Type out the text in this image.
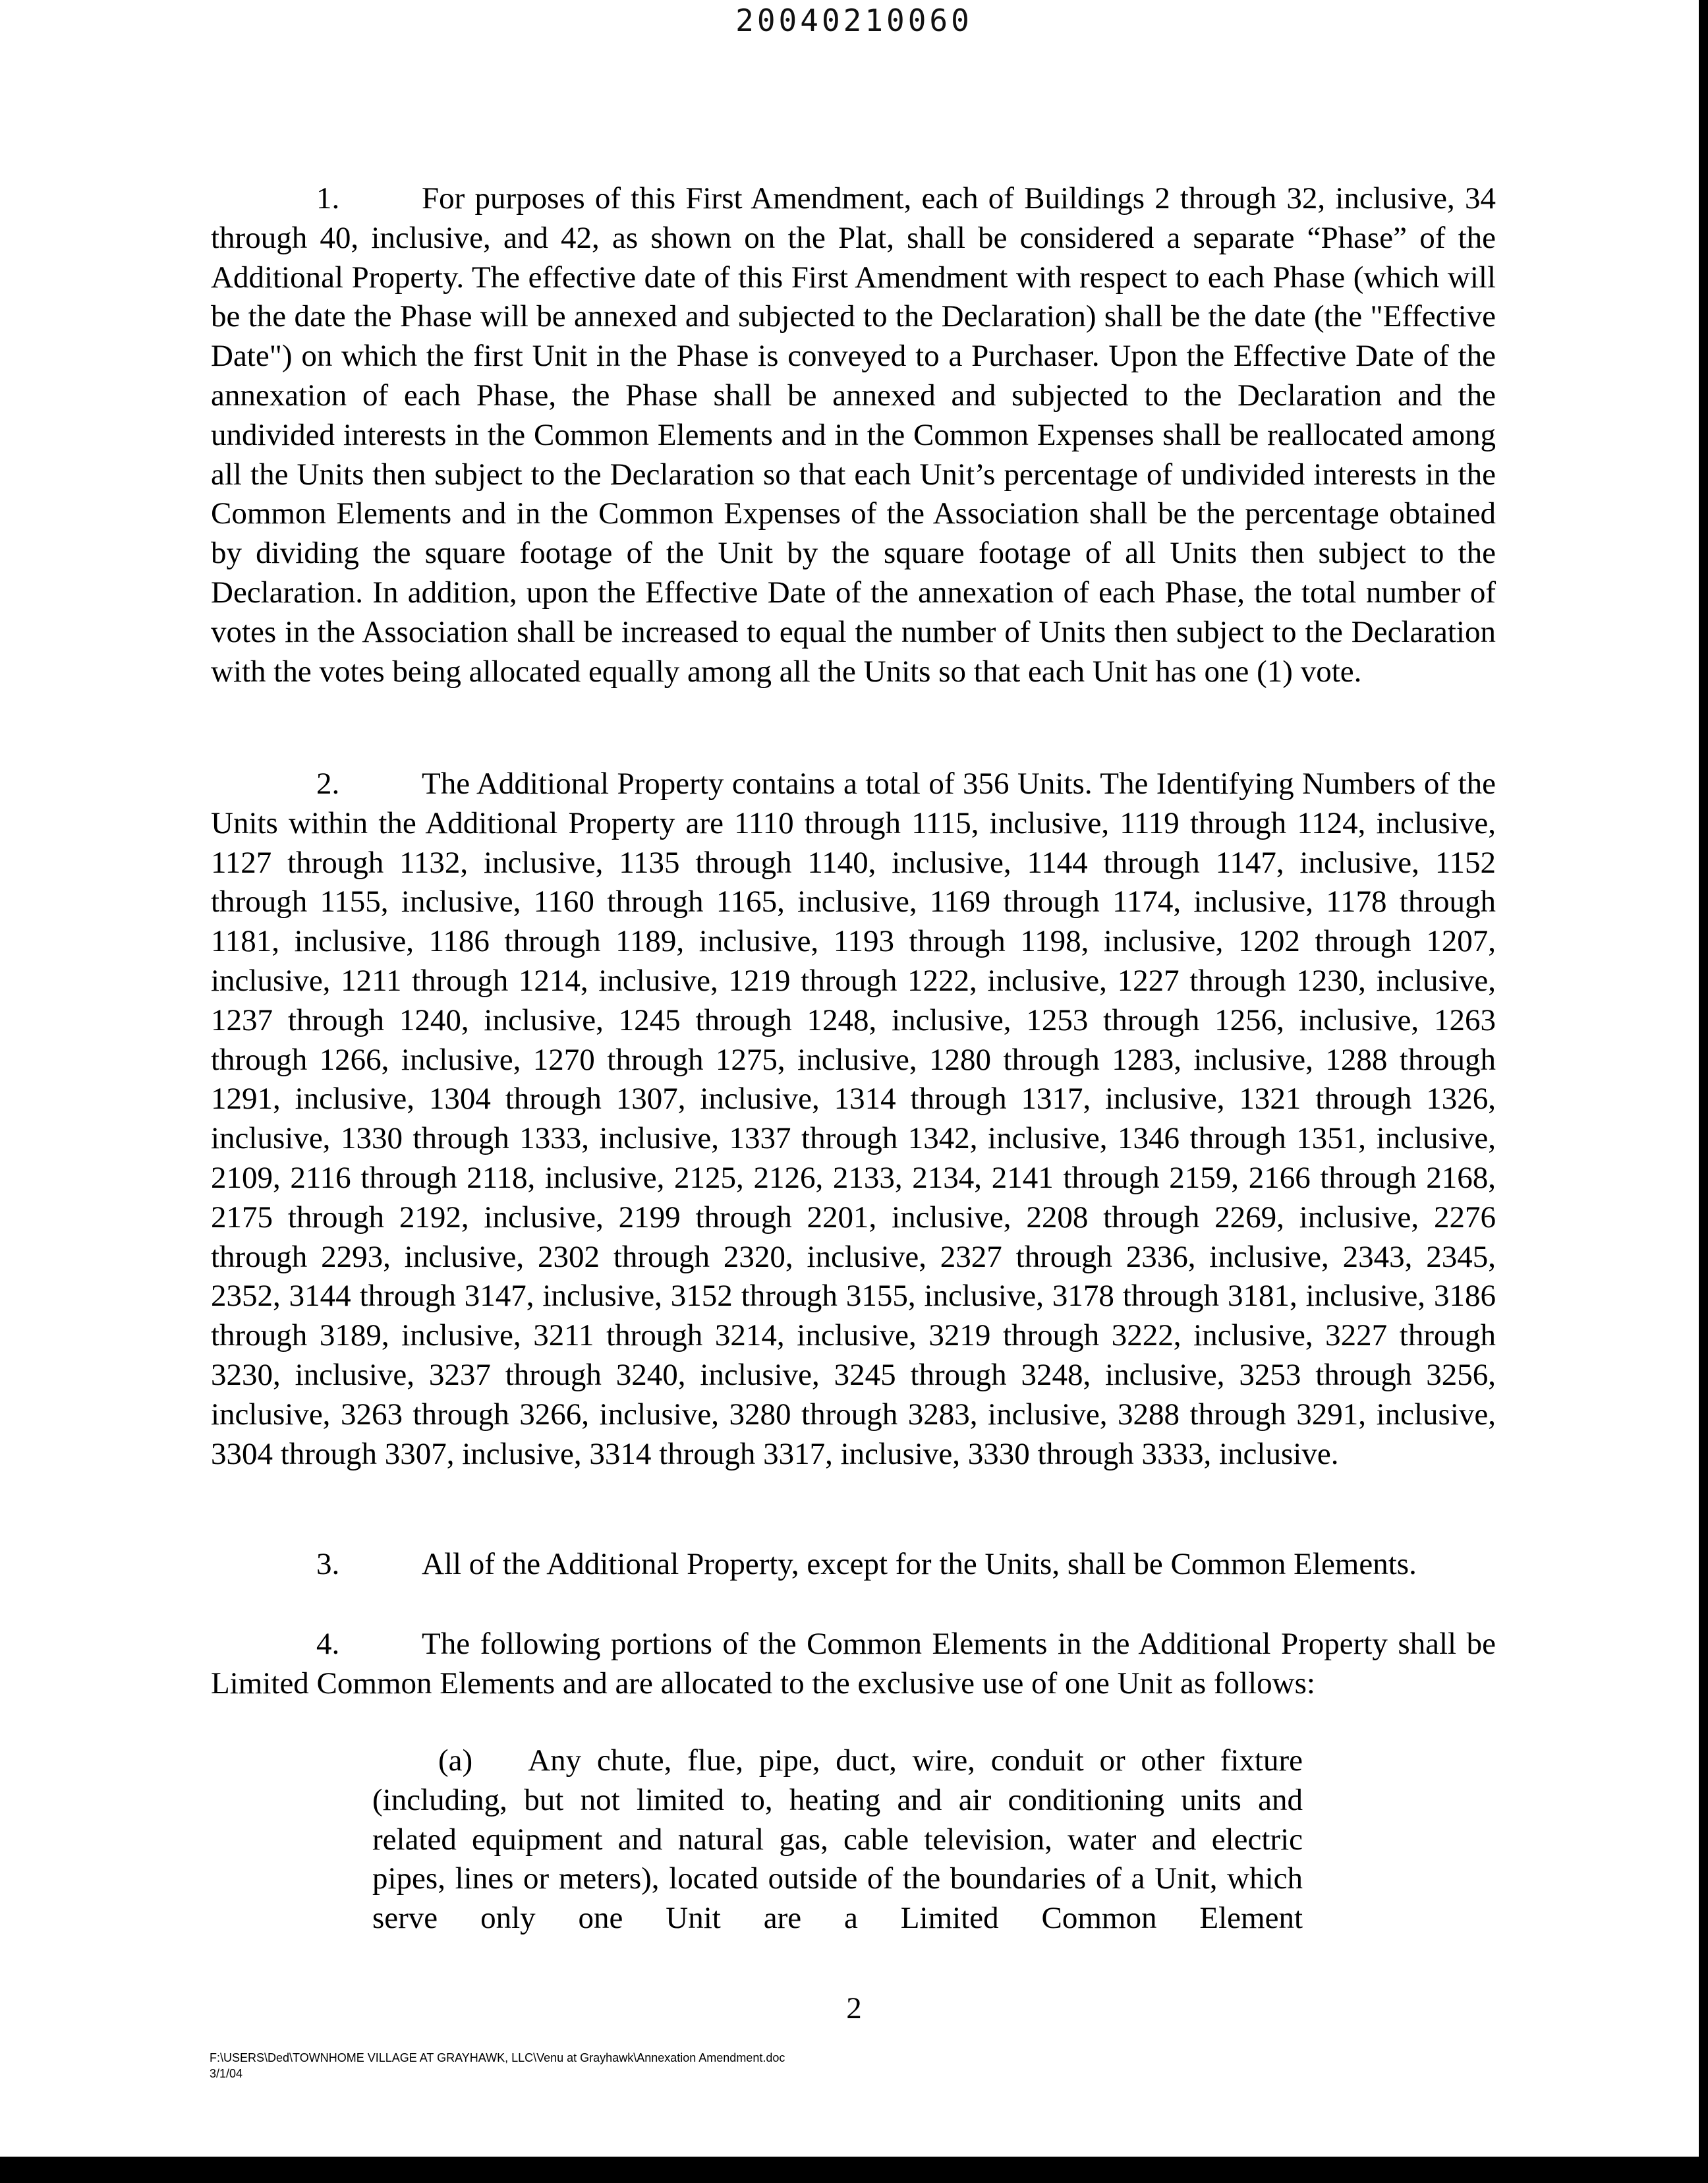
20040210060
1.	For purposes of this First Amendment, each of Buildings 2 through 32, inclusive, 34 through 40, inclusive, and 42, as shown on the Plat, shall be considered a separate “Phase” of the Additional Property. The effective date of this First Amendment with respect to each Phase (which will be the date the Phase will be annexed and subjected to the Declaration) shall be the date (the "Effective Date") on which the first Unit in the Phase is conveyed to a Purchaser. Upon the Effective Date of the annexation of each Phase, the Phase shall be annexed and subjected to the Declaration and the undivided interests in the Common Elements and in the Common Expenses shall be reallocated among all the Units then subject to the Declaration so that each Unit’s percentage of undivided interests in the Common Elements and in the Common Expenses of the Association shall be the percentage obtained by dividing the square footage of the Unit by the square footage of all Units then subject to the Declaration. In addition, upon the Effective Date of the annexation of each Phase, the total number of votes in the Association shall be increased to equal the number of Units then subject to the Declaration with the votes being allocated equally among all the Units so that each Unit has one (1) vote.
2.	The Additional Property contains a total of 356 Units. The Identifying Numbers of the Units within the Additional Property are 1110 through 1115, inclusive, 1119 through 1124, inclusive, 1127 through 1132, inclusive, 1135 through 1140, inclusive, 1144 through 1147, inclusive, 1152 through 1155, inclusive, 1160 through 1165, inclusive, 1169 through 1174, inclusive, 1178 through 1181, inclusive, 1186 through 1189, inclusive, 1193 through 1198, inclusive, 1202 through 1207, inclusive, 1211 through 1214, inclusive, 1219 through 1222, inclusive, 1227 through 1230, inclusive, 1237 through 1240, inclusive, 1245 through 1248, inclusive, 1253 through 1256, inclusive, 1263 through 1266, inclusive, 1270 through 1275, inclusive, 1280 through 1283, inclusive, 1288 through 1291, inclusive, 1304 through 1307, inclusive, 1314 through 1317, inclusive, 1321 through 1326, inclusive, 1330 through 1333, inclusive, 1337 through 1342, inclusive, 1346 through 1351, inclusive, 2109, 2116 through 2118, inclusive, 2125, 2126, 2133, 2134, 2141 through 2159, 2166 through 2168, 2175 through 2192, inclusive, 2199 through 2201, inclusive, 2208 through 2269, inclusive, 2276 through 2293, inclusive, 2302 through 2320, inclusive, 2327 through 2336, inclusive, 2343, 2345, 2352, 3144 through 3147, inclusive, 3152 through 3155, inclusive, 3178 through 3181, inclusive, 3186 through 3189, inclusive, 3211 through 3214, inclusive, 3219 through 3222, inclusive, 3227 through 3230, inclusive, 3237 through 3240, inclusive, 3245 through 3248, inclusive, 3253 through 3256, inclusive, 3263 through 3266, inclusive, 3280 through 3283, inclusive, 3288 through 3291, inclusive, 3304 through 3307, inclusive, 3314 through 3317, inclusive, 3330 through 3333, inclusive.
3.	All of the Additional Property, except for the Units, shall be Common Elements.
4.	The following portions of the Common Elements in the Additional Property shall be Limited Common Elements and are allocated to the exclusive use of one Unit as follows:
(a) Any chute, flue, pipe, duct, wire, conduit or other fixture (including, but not limited to, heating and air conditioning units and related equipment and natural gas, cable television, water and electric pipes, lines or meters), located outside of the boundaries of a Unit, which serve only one Unit are a Limited Common Element
2
F:\USERS\Ded\TOWNHOME VILLAGE AT GRAYHAWK, LLC\Venu at Grayhawk\Annexation Amendment.doc
3/1/04
